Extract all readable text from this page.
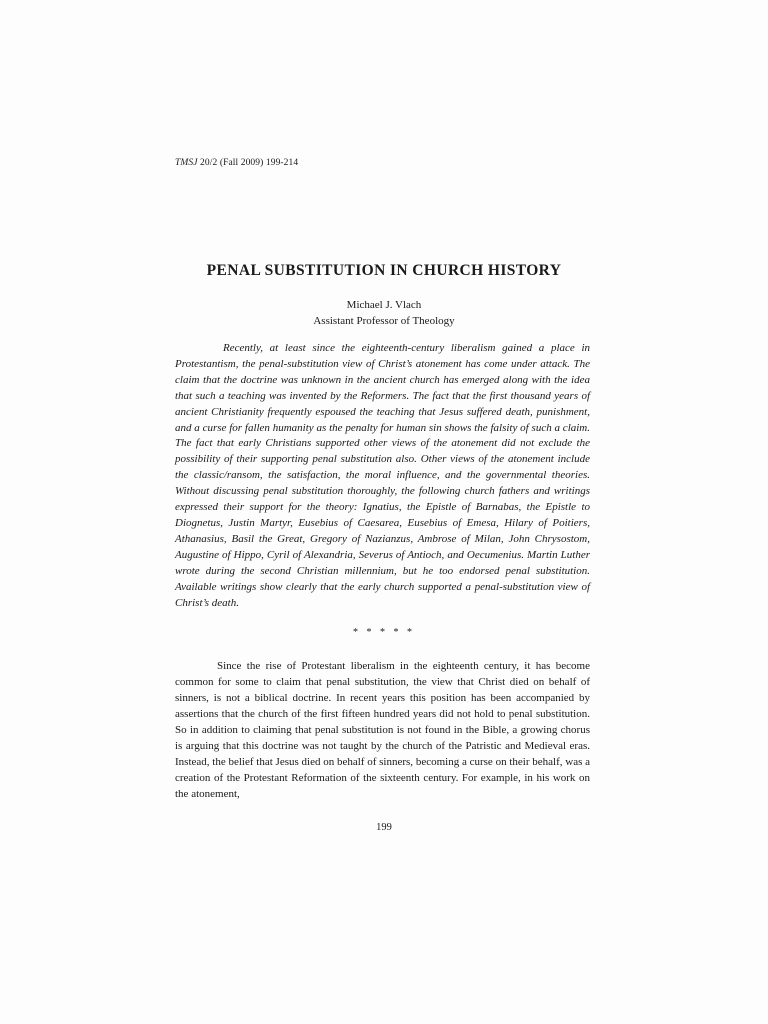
TMSJ 20/2 (Fall 2009) 199-214
PENAL SUBSTITUTION IN CHURCH HISTORY
Michael J. Vlach
Assistant Professor of Theology

Recently, at least since the eighteenth-century liberalism gained a place in Protestantism, the penal-substitution view of Christ’s atonement has come under attack. The claim that the doctrine was unknown in the ancient church has emerged along with the idea that such a teaching was invented by the Reformers. The fact that the first thousand years of ancient Christianity frequently espoused the teaching that Jesus suffered death, punishment, and a curse for fallen humanity as the penalty for human sin shows the falsity of such a claim. The fact that early Christians supported other views of the atonement did not exclude the possibility of their supporting penal substitution also. Other views of the atonement include the classic/ransom, the satisfaction, the moral influence, and the governmental theories. Without discussing penal substitution thoroughly, the following church fathers and writings expressed their support for the theory: Ignatius, the Epistle of Barnabas, the Epistle to Diognetus, Justin Martyr, Eusebius of Caesarea, Eusebius of Emesa, Hilary of Poitiers, Athanasius, Basil the Great, Gregory of Nazianzus, Ambrose of Milan, John Chrysostom, Augustine of Hippo, Cyril of Alexandria, Severus of Antioch, and Oecumenius. Martin Luther wrote during the second Christian millennium, but he too endorsed penal substitution. Available writings show clearly that the early church supported a penal-substitution view of Christ’s death.

* * * * *

Since the rise of Protestant liberalism in the eighteenth century, it has become common for some to claim that penal substitution, the view that Christ died on behalf of sinners, is not a biblical doctrine. In recent years this position has been accompanied by assertions that the church of the first fifteen hundred years did not hold to penal substitution. So in addition to claiming that penal substitution is not found in the Bible, a growing chorus is arguing that this doctrine was not taught by the church of the Patristic and Medieval eras. Instead, the belief that Jesus died on behalf of sinners, becoming a curse on their behalf, was a creation of the Protestant Reformation of the sixteenth century. For example, in his work on the atonement,

199
